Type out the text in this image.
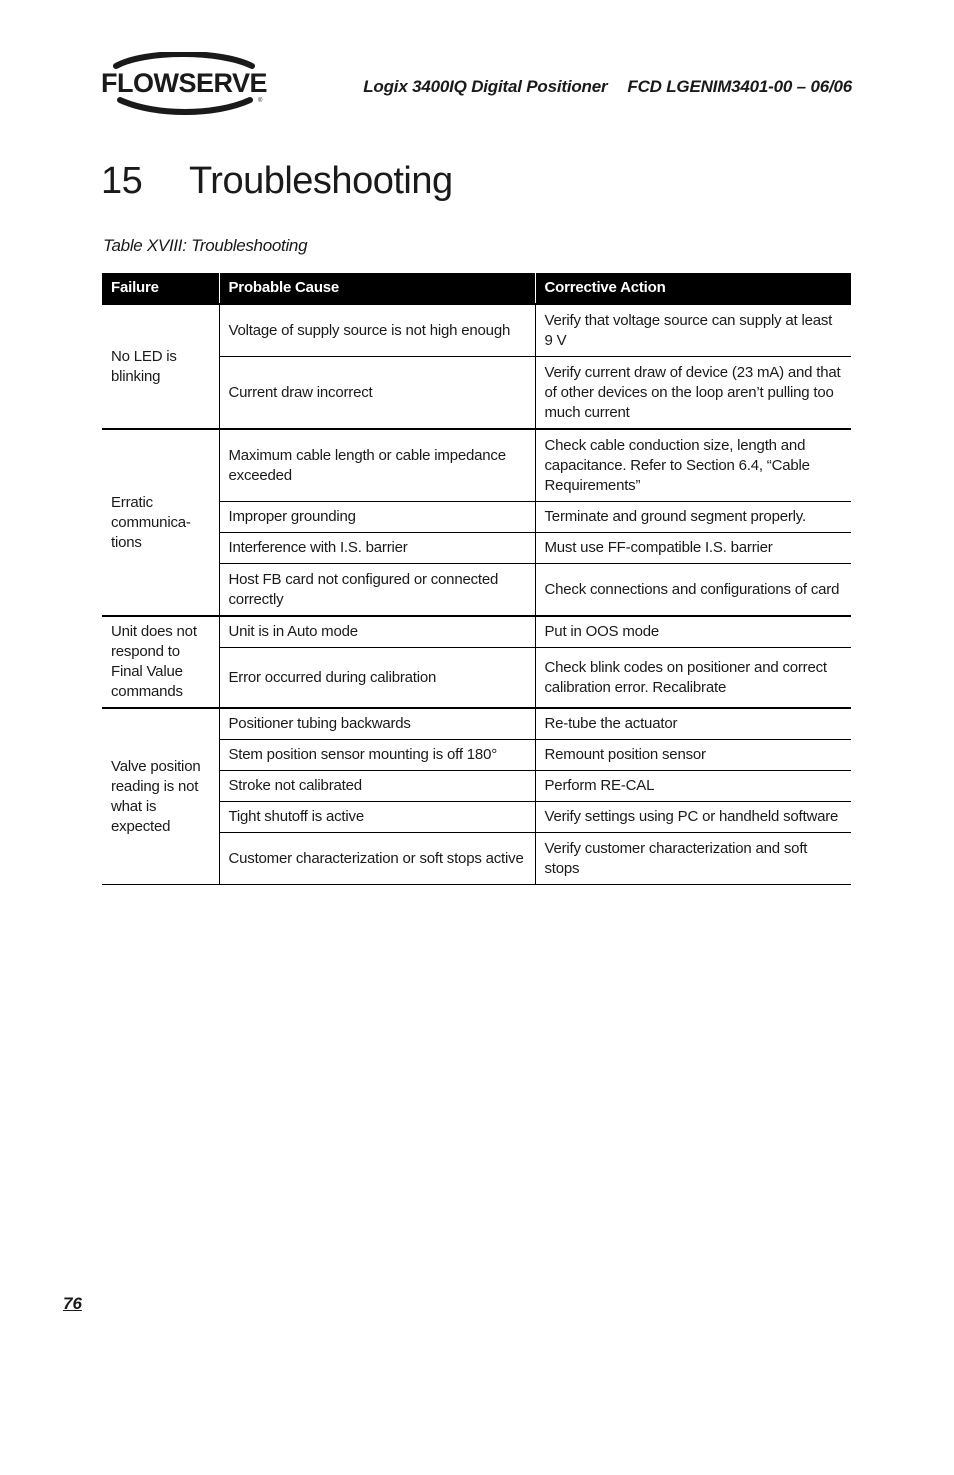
FLOWSERVE
®
Logix 3400IQ Digital Positioner FCD LGENIM3401-00 – 06/06
15 Troubleshooting
Table XVIII: Troubleshooting
Failure	Probable Cause	Corrective Action
No LED is blinking	Voltage of supply source is not high enough	Verify that voltage source can supply at least 9 V
	Current draw incorrect	Verify current draw of device (23 mA) and that of other devices on the loop aren’t pulling too much current
Erratic communica-tions	Maximum cable length or cable impedance exceeded	Check cable conduction size, length and capacitance. Refer to Section 6.4, “Cable Requirements”
	Improper grounding	Terminate and ground segment properly.
	Interference with I.S. barrier	Must use FF-compatible I.S. barrier
	Host FB card not configured or connected correctly	Check connections and configurations of card
Unit does not respond to Final Value commands	Unit is in Auto mode	Put in OOS mode
	Error occurred during calibration	Check blink codes on positioner and correct calibration error. Recalibrate
Valve position reading is not what is expected	Positioner tubing backwards	Re-tube the actuator
	Stem position sensor mounting is off 180°	Remount position sensor
	Stroke not calibrated	Perform RE-CAL
	Tight shutoff is active	Verify settings using PC or handheld software
	Customer characterization or soft stops active	Verify customer characterization and soft stops
76
